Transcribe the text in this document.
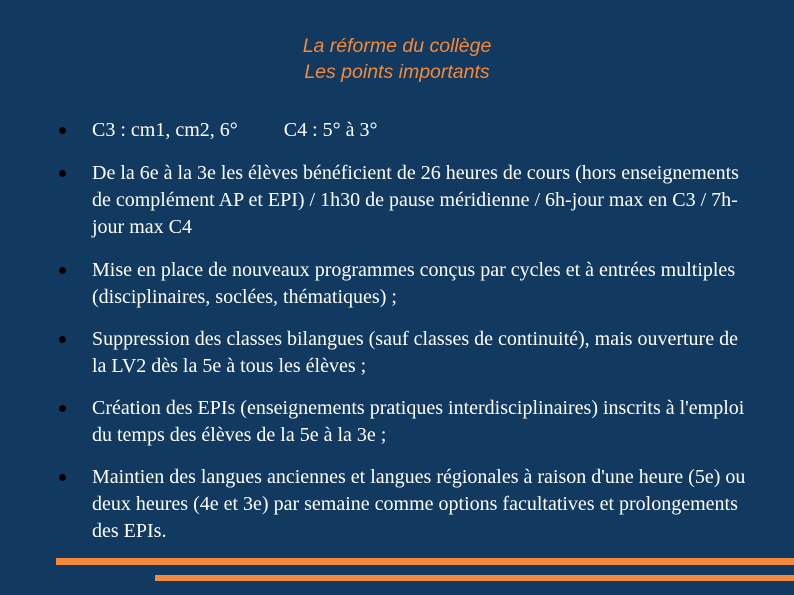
La réforme du collège
Les points importants
C3 : cm1, cm2, 6° C4 : 5° à 3°
De la 6e à la 3e les élèves bénéficient de 26 heures de cours (hors enseignements de complément AP et EPI) / 1h30 de pause méridienne / 6h-jour max en C3 / 7h-jour max C4
Mise en place de nouveaux programmes conçus par cycles et à entrées multiples (disciplinaires, soclées, thématiques) ;
Suppression des classes bilangues (sauf classes de continuité), mais ouverture de la LV2 dès la 5e à tous les élèves ;
Création des EPIs (enseignements pratiques interdisciplinaires) inscrits à l'emploi du temps des élèves de la 5e à la 3e ;
Maintien des langues anciennes et langues régionales à raison d'une heure (5e) ou deux heures (4e et 3e) par semaine comme options facultatives et prolongements des EPIs.
